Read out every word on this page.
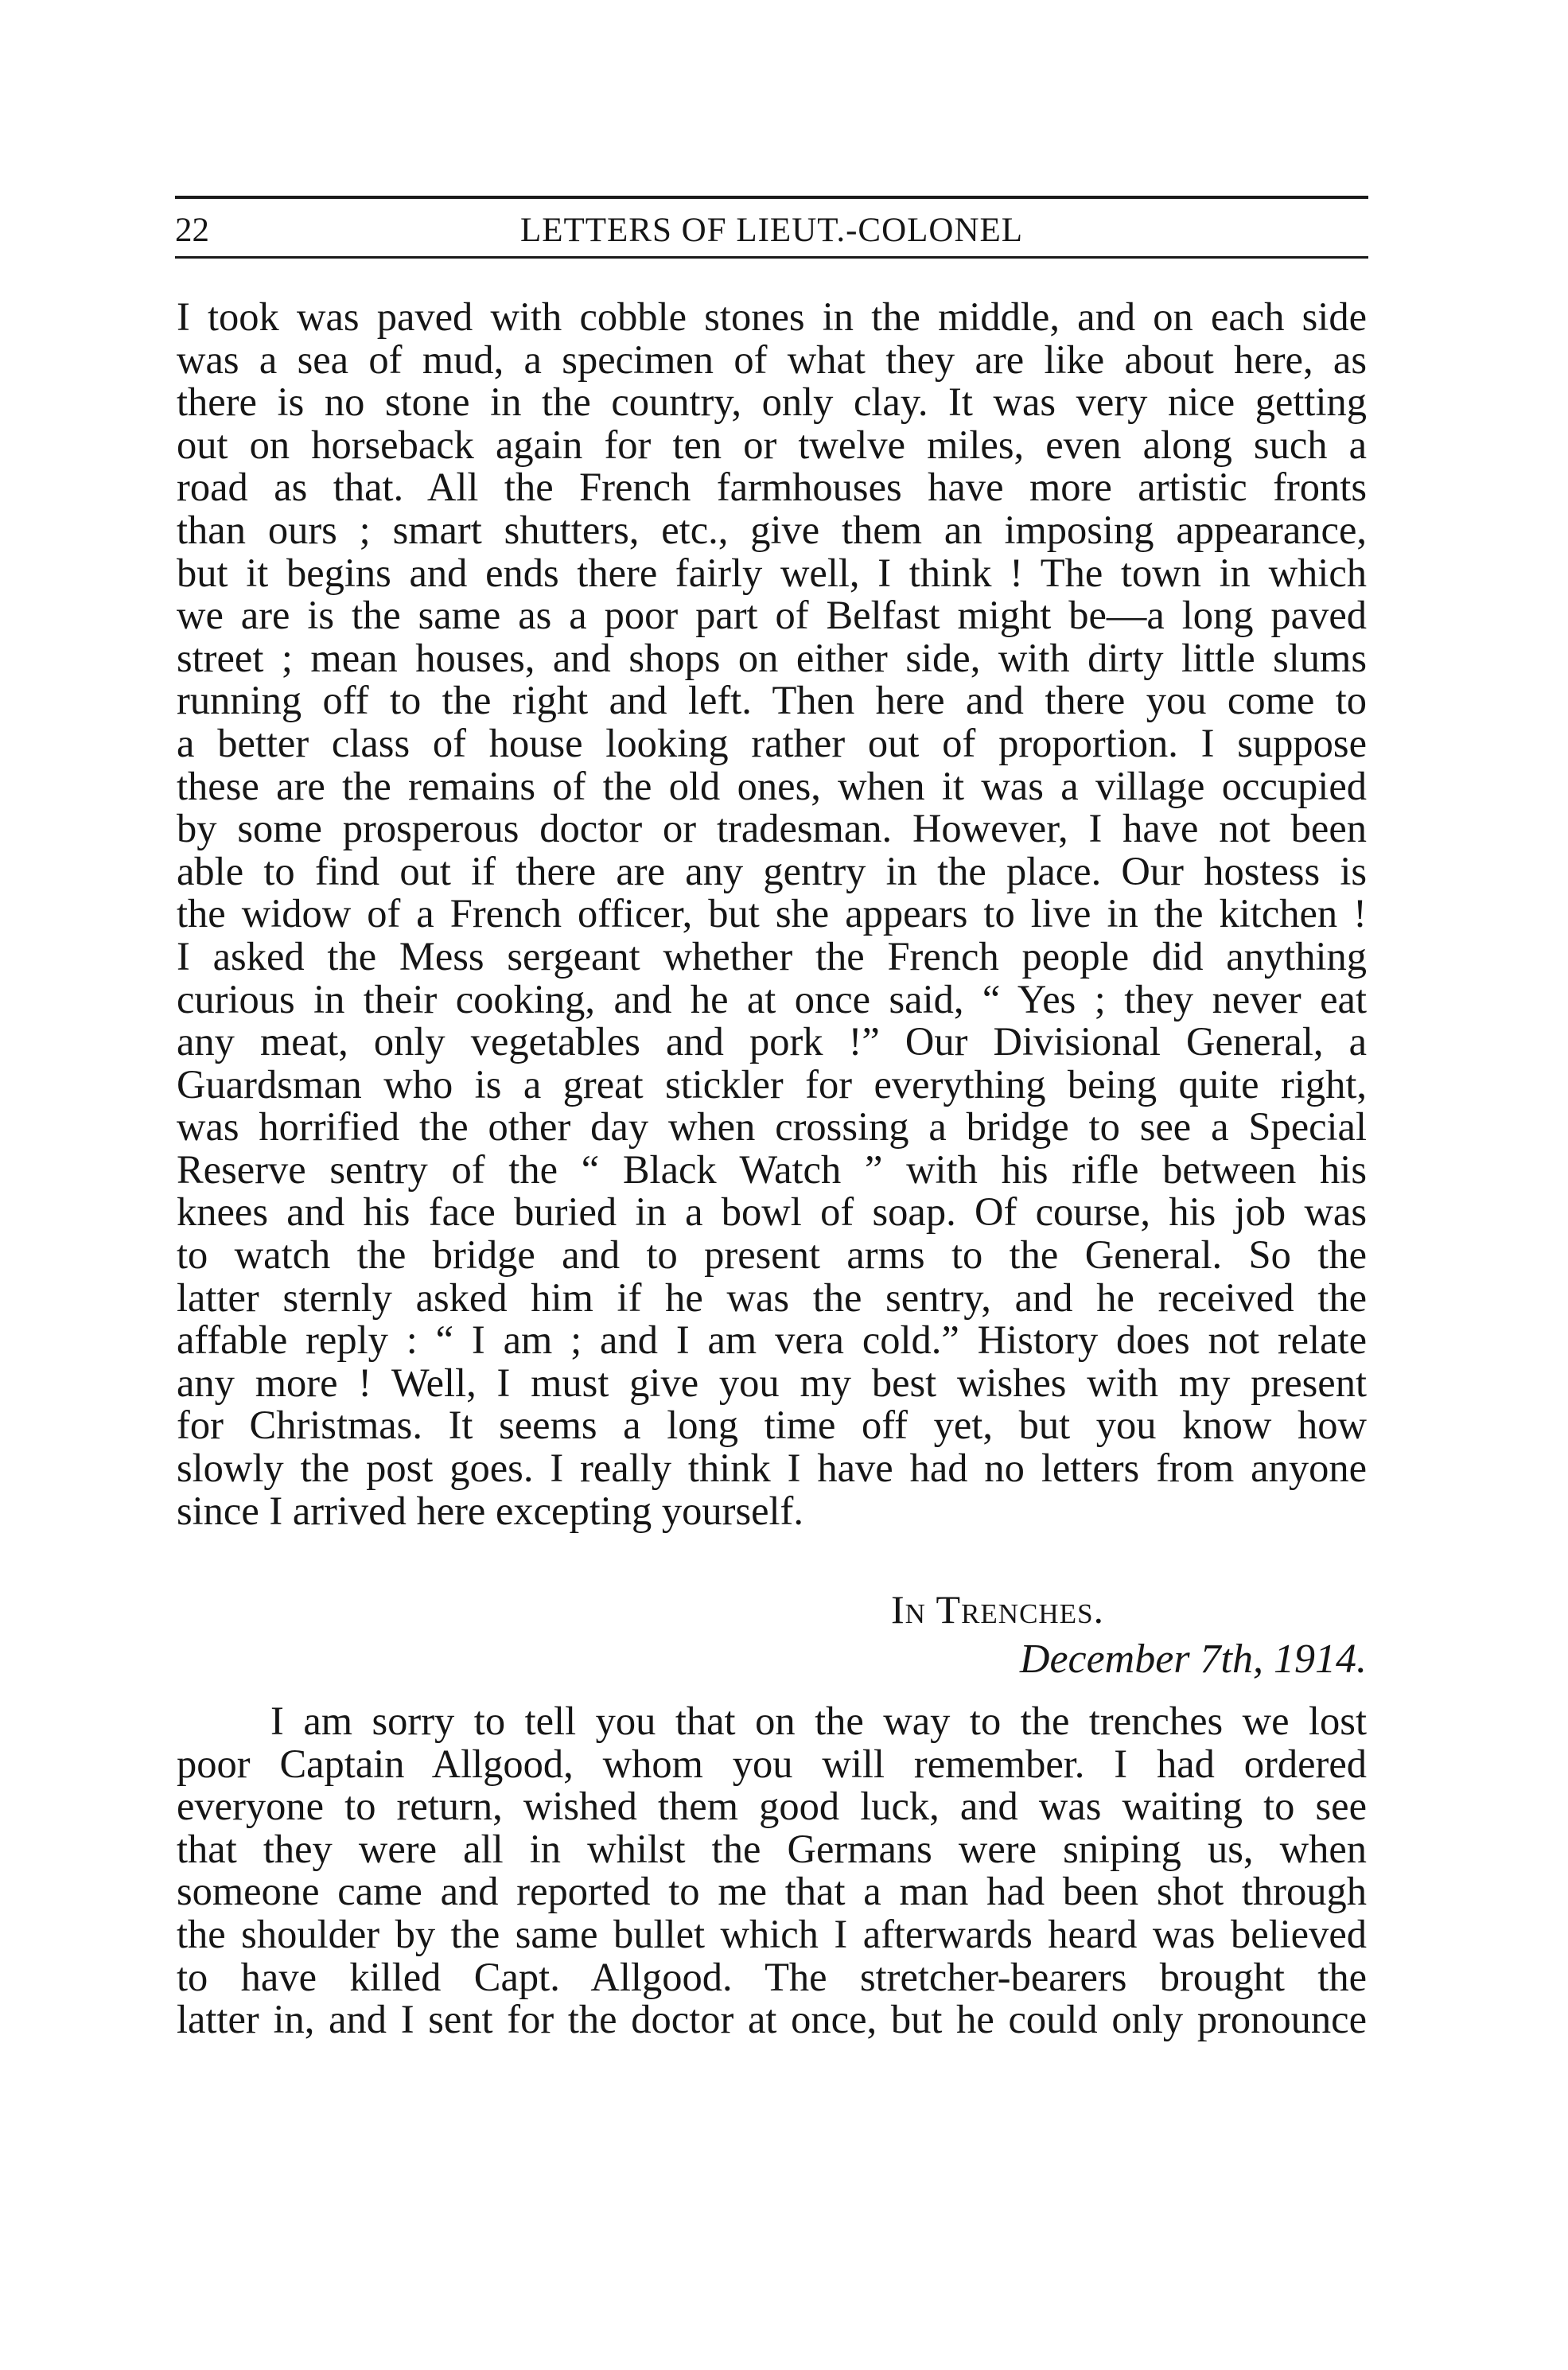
22	LETTERS OF LIEUT.-COLONEL
I took was paved with cobble stones in the middle, and on each side
was a sea of mud, a specimen of what they are like about here, as
there is no stone in the country, only clay. It was very nice getting
out on horseback again for ten or twelve miles, even along such a
road as that. All the French farmhouses have more artistic fronts
than ours ; smart shutters, etc., give them an imposing appearance,
but it begins and ends there fairly well, I think ! The town in which
we are is the same as a poor part of Belfast might be—a long paved
street ; mean houses, and shops on either side, with dirty little slums
running off to the right and left. Then here and there you come to
a better class of house looking rather out of proportion. I suppose
these are the remains of the old ones, when it was a village occupied
by some prosperous doctor or tradesman. However, I have not been
able to find out if there are any gentry in the place. Our hostess is
the widow of a French officer, but she appears to live in the kitchen !
I asked the Mess sergeant whether the French people did anything
curious in their cooking, and he at once said, “ Yes ; they never eat
any meat, only vegetables and pork !” Our Divisional General, a
Guardsman who is a great stickler for everything being quite right,
was horrified the other day when crossing a bridge to see a Special
Reserve sentry of the “ Black Watch ” with his rifle between his
knees and his face buried in a bowl of soap. Of course, his job was
to watch the bridge and to present arms to the General. So the
latter sternly asked him if he was the sentry, and he received the
affable reply : “ I am ; and I am vera cold.” History does not relate
any more ! Well, I must give you my best wishes with my present
for Christmas. It seems a long time off yet, but you know how
slowly the post goes. I really think I have had no letters from anyone
since I arrived here excepting yourself.
In Trenches.
December 7th, 1914.
I am sorry to tell you that on the way to the trenches we lost
poor Captain Allgood, whom you will remember. I had ordered
everyone to return, wished them good luck, and was waiting to see
that they were all in whilst the Germans were sniping us, when
someone came and reported to me that a man had been shot through
the shoulder by the same bullet which I afterwards heard was believed
to have killed Capt. Allgood. The stretcher-bearers brought the
latter in, and I sent for the doctor at once, but he could only pronounce
